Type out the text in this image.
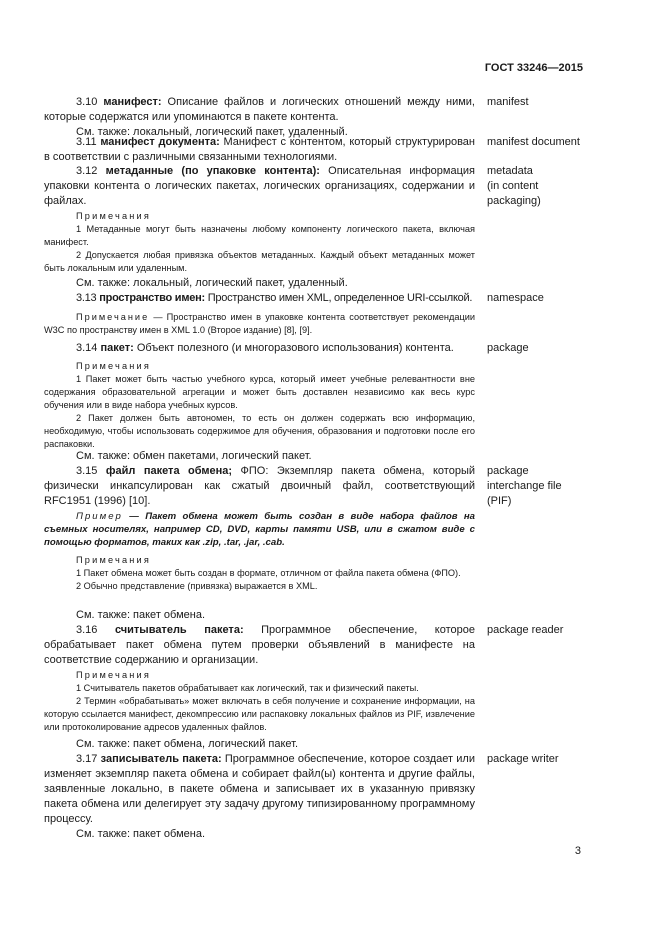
ГОСТ 33246—2015

3.10 манифест: Описание файлов и логических отношений между ними, которые содержатся или упоминаются в пакете контента.

См. также: локальный, логический пакет, удаленный.

manifest

3.11 манифест документа: Манифест с контентом, который структурирован в соответствии с различными связанными технологиями.

manifest document

3.12 метаданные (по упаковке контента): Описательная информация упаковки контента о логических пакетах, логических организациях, содержании и файлах.

metadata
(in content
packaging)

Примечания

1 Метаданные могут быть назначены любому компоненту логического пакета, включая манифест.

2 Допускается любая привязка объектов метаданных. Каждый объект метаданных может быть локальным или удаленным.

См. также: локальный, логический пакет, удаленный.

3.13 пространство имен: Пространство имен XML, определенное URI-ссылкой. namespace

Примечание — Пространство имен в упаковке контента соответствует рекомендации W3C по пространству имен в XML 1.0 (Второе издание) [8], [9].

3.14 пакет: Объект полезного (и многоразового использования) контента.	package

Примечания

1 Пакет может быть частью учебного курса, который имеет учебные релевантности вне содержания образовательной агрегации и может быть доставлен независимо как весь курс обучения или в виде набора учебных курсов.

2 Пакет должен быть автономен, то есть он должен содержать всю информацию, необходимую, чтобы использовать содержимое для обучения, образования и подготовки после его распаковки.

См. также: обмен пакетами, логический пакет.

3.15 файл пакета обмена; ФПО: Экземпляр пакета обмена, который физически инкапсулирован как сжатый двоичный файл, соответствующий RFC1951 (1996) [10].

package
interchange file
(PIF)

Пример — Пакет обмена может быть создан в виде набора файлов на съемных носителях, например CD, DVD, карты памяти USB, или в сжатом виде с помощью форматов, таких как .zip, .tar, .jar, .cab.

Примечания

1 Пакет обмена может быть создан в формате, отличном от файла пакета обмена (ФПО).

2 Обычно представление (привязка) выражается в XML.

См. также: пакет обмена.

3.16 считыватель пакета: Программное обеспечение, которое обрабатывает пакет обмена путем проверки объявлений в манифесте на соответствие содержанию и организации.

package reader

Примечания

1 Считыватель пакетов обрабатывает как логический, так и физический пакеты.

2 Термин «обрабатывать» может включать в себя получение и сохранение информации, на которую ссылается манифест, декомпрессию или распаковку локальных файлов из PIF, извлечение или протоколирование адресов удаленных файлов.

См. также: пакет обмена, логический пакет.

3.17 записыватель пакета: Программное обеспечение, которое создает или изменяет экземпляр пакета обмена и собирает файл(ы) контента и другие файлы, заявленные локально, в пакете обмена и записывает их в указанную привязку пакета обмена или делегирует эту задачу другому типизированному программному процессу.

См. также: пакет обмена.

package writer
3
